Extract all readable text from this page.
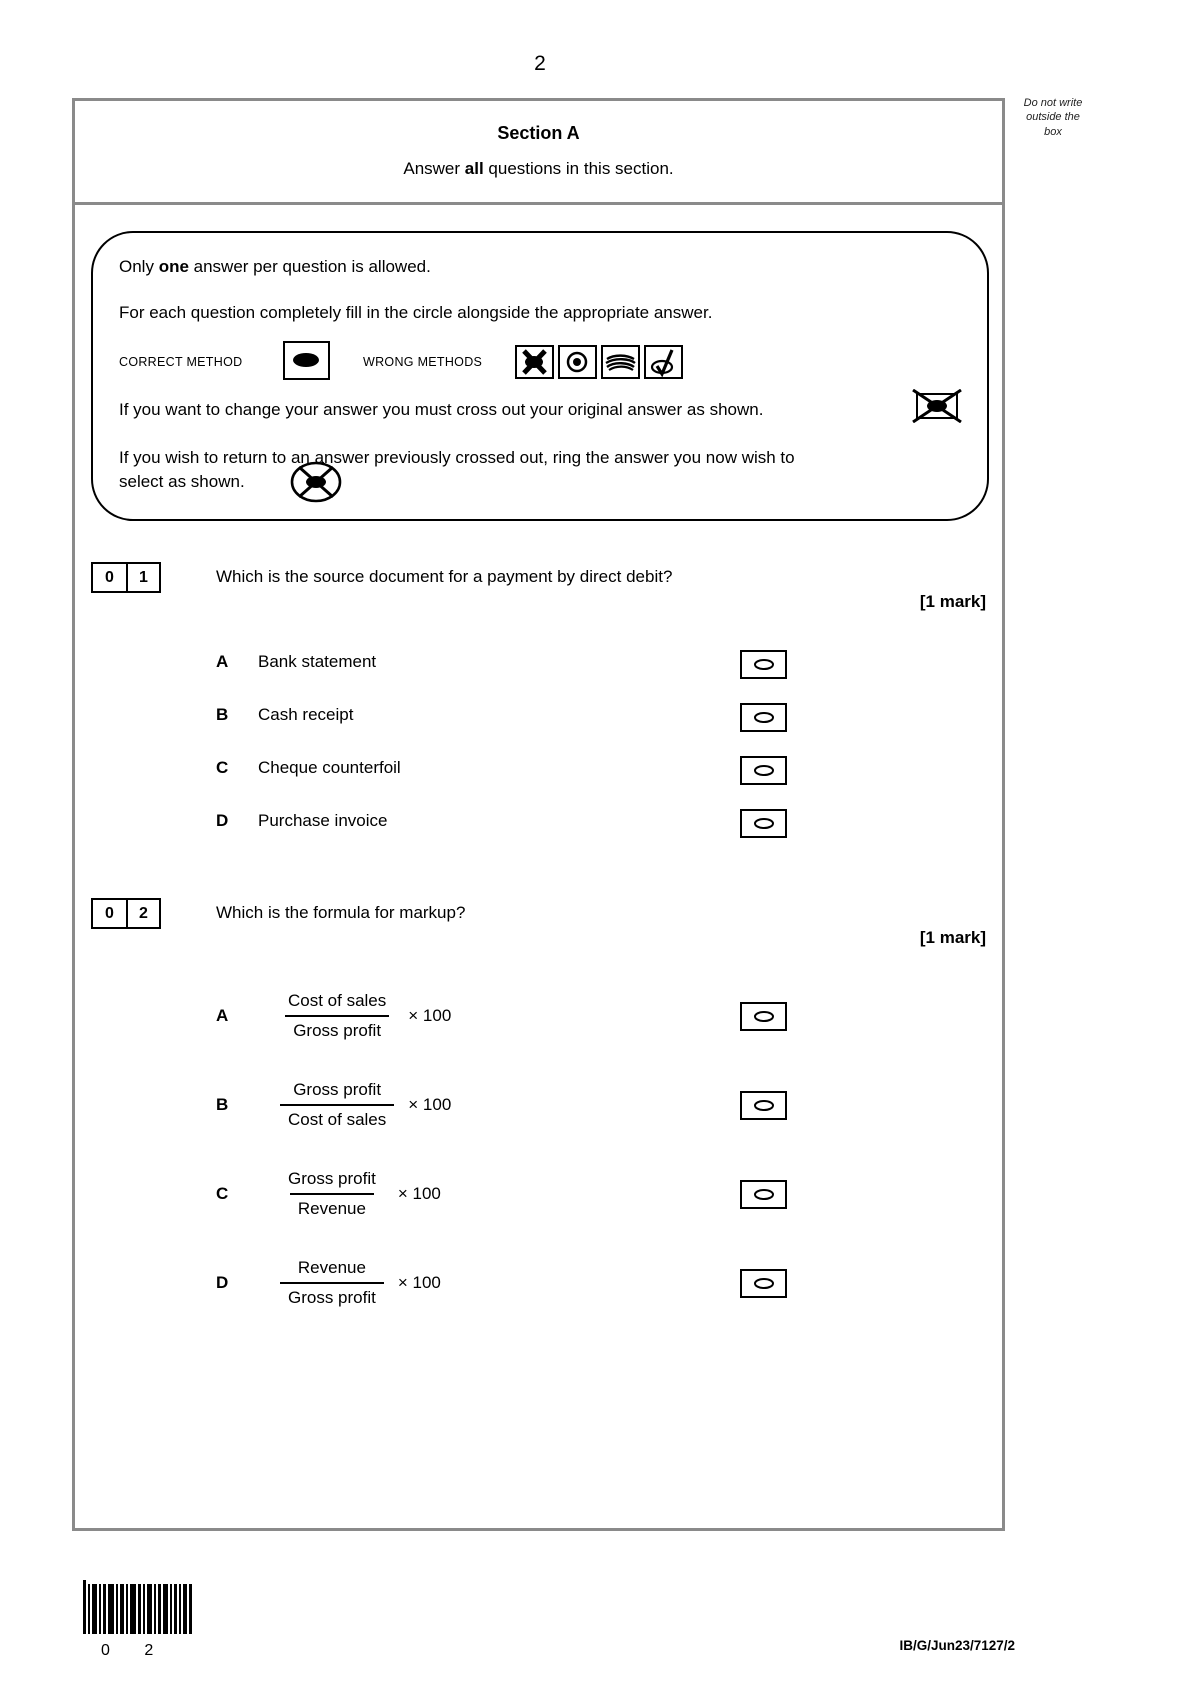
2
Do not write
outside the
box
Section A
Answer all questions in this section.
Only one answer per question is allowed.
For each question completely fill in the circle alongside the appropriate answer.
CORRECT METHOD	WRONG METHODS
If you want to change your answer you must cross out your original answer as shown.
If you wish to return to an answer previously crossed out, ring the answer you now wish to
select as shown.
0	1	Which is the source document for a payment by direct debit?
[1 mark]
A	Bank statement
B	Cash receipt
C	Cheque counterfoil
D	Purchase invoice
0	2	Which is the formula for markup?
[1 mark]
A	$\frac{\text{Cost of sales}}{\text{Gross profit}} \times 100$
B	$\frac{\text{Gross profit}}{\text{Cost of sales}} \times 100$
C	$\frac{\text{Gross profit}}{\text{Revenue}} \times 100$
D	$\frac{\text{Revenue}}{\text{Gross profit}} \times 100$
0 2	IB/G/Jun23/7127/2
